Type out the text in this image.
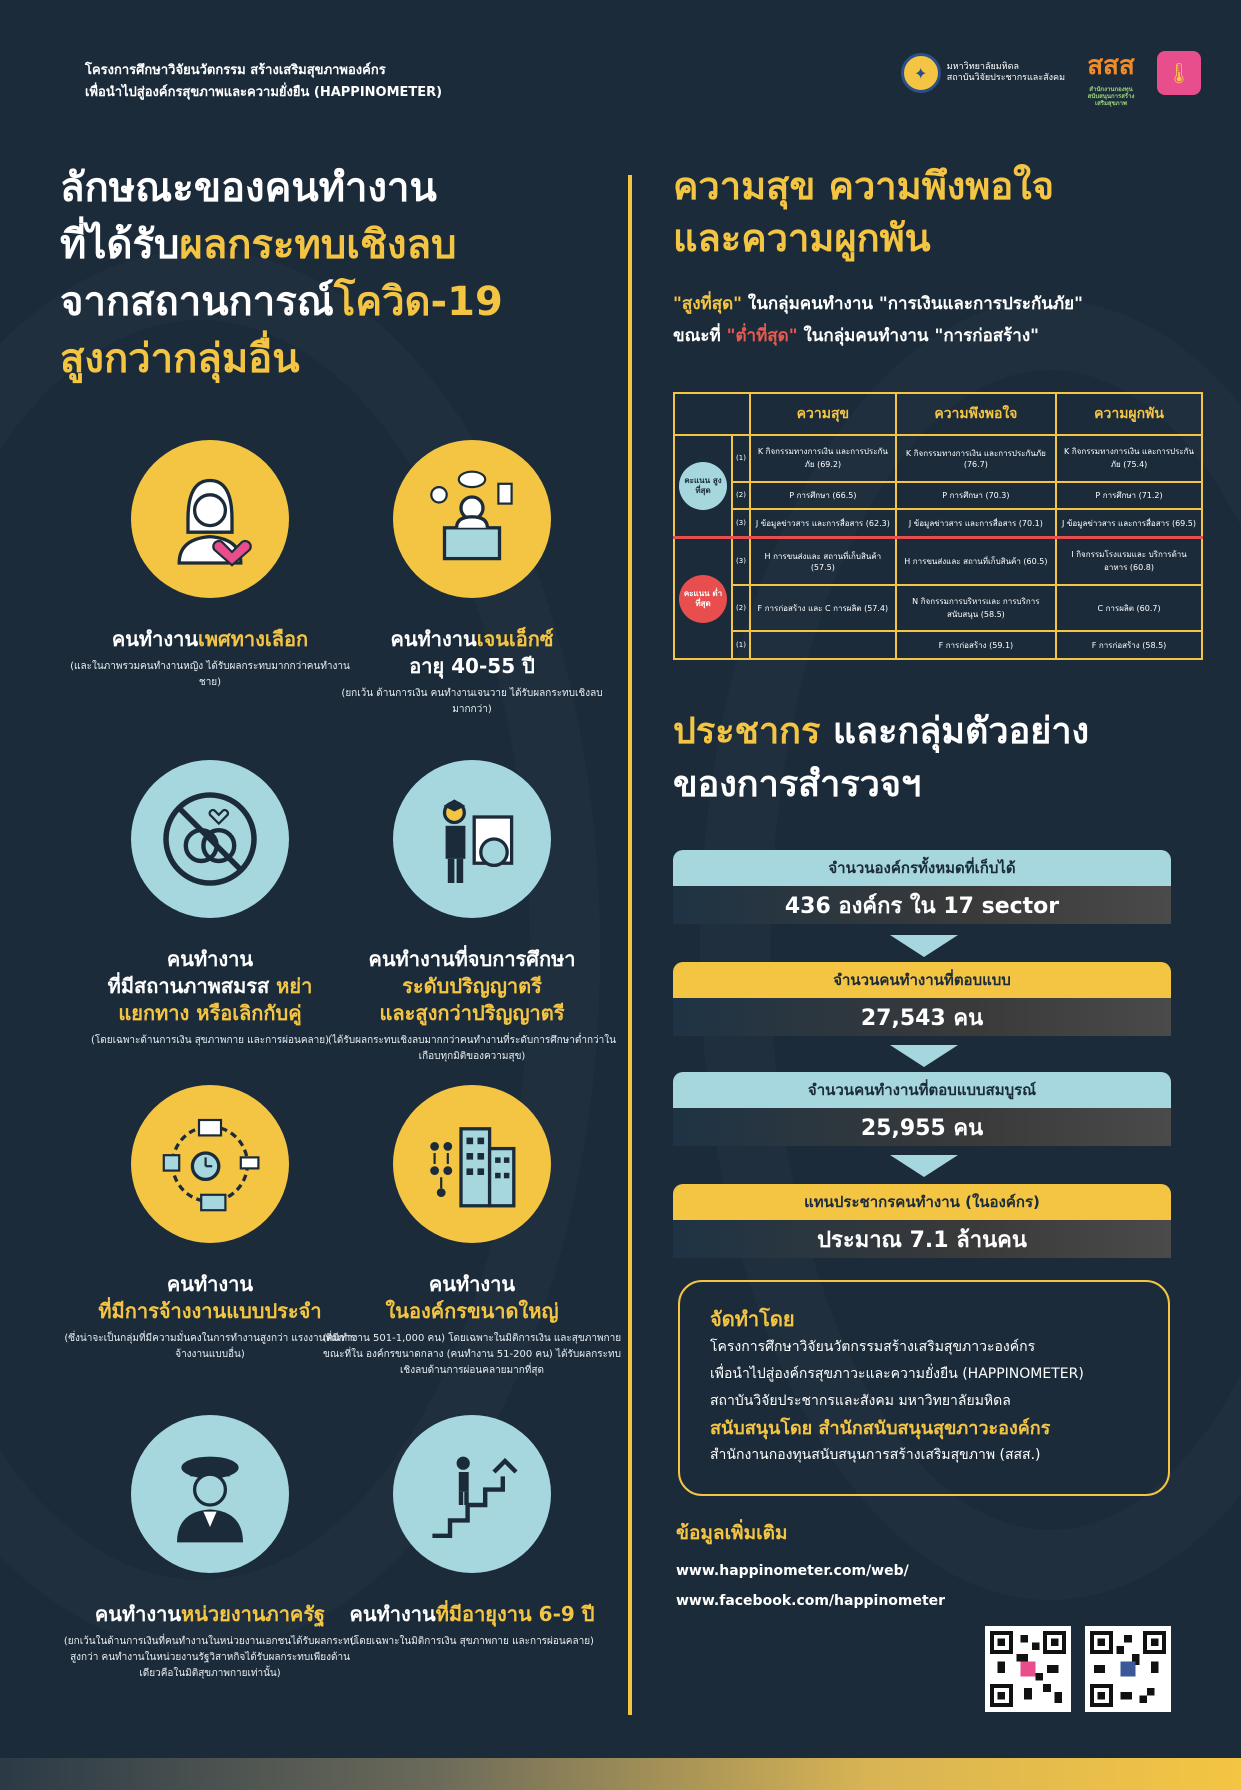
โครงการศึกษาวิจัยนวัตกรรม สร้างเสริมสุขภาพองค์กร
เพื่อนำไปสู่องค์กรสุขภาพและความยั่งยืน (HAPPINOMETER)
✦	มหาวิทยาลัยมหิดล
สถาบันวิจัยประชากรและสังคม สสส
สำนักงานกองทุนสนับสนุนการสร้างเสริมสุขภาพ
🌡
ลักษณะของคนทำงาน
ที่ได้รับผลกระทบเชิงลบ
จากสถานการณ์โควิด-19
สูงกว่ากลุ่มอื่น
คนทำงานเพศทางเลือก
(และในภาพรวมคนทำงานหญิง ได้รับผลกระทบมากกว่าคนทำงานชาย)
คนทำงานเจนเอ็กซ์
อายุ 40-55 ปี
(ยกเว้น ด้านการเงิน คนทำงานเจนวาย ได้รับผลกระทบเชิงลบมากกว่า)
คนทำงาน
ที่มีสถานภาพสมรส หย่า
แยกทาง หรือเลิกกับคู่
(โดยเฉพาะด้านการเงิน สุขภาพกาย และการผ่อนคลาย)
คนทำงานที่จบการศึกษา
ระดับปริญญาตรี
และสูงกว่าปริญญาตรี
(ได้รับผลกระทบเชิงลบมากกว่าคนทำงานที่ระดับการศึกษาต่ำกว่าในเกือบทุกมิติของความสุข)
คนทำงาน
ที่มีการจ้างงานแบบประจำ
(ซึ่งน่าจะเป็นกลุ่มที่มีความมั่นคงในการทำงานสูงกว่า แรงงานที่มีการจ้างงานแบบอื่น)
คนทำงาน
ในองค์กรขนาดใหญ่
(คนทำงาน 501-1,000 คน) โดยเฉพาะในมิติการเงิน และสุขภาพกาย ขณะที่ใน องค์กรขนาดกลาง (คนทำงาน 51-200 คน) ได้รับผลกระทบเชิงลบด้านการผ่อนคลายมากที่สุด
คนทำงานหน่วยงานภาครัฐ
(ยกเว้นในด้านการเงินที่คนทำงานในหน่วยงานเอกชนได้รับผลกระทบสูงกว่า คนทำงานในหน่วยงานรัฐวิสาหกิจได้รับผลกระทบเพียงด้านเดียวคือในมิติสุขภาพกายเท่านั้น)
คนทำงานที่มีอายุงาน 6-9 ปี
(โดยเฉพาะในมิติการเงิน สุขภาพกาย และการผ่อนคลาย)
ความสุข ความพึงพอใจ
และความผูกพัน
"สูงที่สุด" ในกลุ่มคนทำงาน "การเงินและการประกันภัย"
ขณะที่ "ต่ำที่สุด" ในกลุ่มคนทำงาน "การก่อสร้าง"
		ความสุข	ความพึงพอใจ	ความผูกพัน

คะแนน สูงที่สุด	(1)	K กิจกรรมทางการเงิน และการประกันภัย (69.2)	K กิจกรรมทางการเงิน และการประกันภัย (76.7)	K กิจกรรมทางการเงิน และการประกันภัย (75.4)
	(2)	P การศึกษา (66.5)	P การศึกษา (70.3)	P การศึกษา (71.2)
	(3)	J ข้อมูลข่าวสาร และการสื่อสาร (62.3)	J ข้อมูลข่าวสาร และการสื่อสาร (70.1)	J ข้อมูลข่าวสาร และการสื่อสาร (69.5)

คะแนน ต่ำที่สุด	(3)	H การขนส่งและ สถานที่เก็บสินค้า (57.5)	H การขนส่งและ สถานที่เก็บสินค้า (60.5)	I กิจกรรมโรงแรมและ บริการด้านอาหาร (60.8)
	(2)	F การก่อสร้าง และ C การผลิต (57.4)	N กิจกรรมการบริหารและ การบริการสนับสนุน (58.5)	C การผลิต (60.7)
	(1)		F การก่อสร้าง (59.1)	F การก่อสร้าง (58.5)
ประชากร และกลุ่มตัวอย่าง
ของการสำรวจฯ
จำนวนองค์กรทั้งหมดที่เก็บได้
436 องค์กร ใน 17 sector
จำนวนคนทำงานที่ตอบแบบ
27,543 คน
จำนวนคนทำงานที่ตอบแบบสมบูรณ์
25,955 คน
แทนประชากรคนทำงาน (ในองค์กร)
ประมาณ 7.1 ล้านคน
จัดทำโดย
โครงการศึกษาวิจัยนวัตกรรมสร้างเสริมสุขภาวะองค์กร
เพื่อนำไปสู่องค์กรสุขภาวะและความยั่งยืน (HAPPINOMETER)
สถาบันวิจัยประชากรและสังคม มหาวิทยาลัยมหิดล
สนับสนุนโดย สำนักสนับสนุนสุขภาวะองค์กร
สำนักงานกองทุนสนับสนุนการสร้างเสริมสุขภาพ (สสส.)
ข้อมูลเพิ่มเติม
www.happinometer.com/web/
www.facebook.com/happinometer
